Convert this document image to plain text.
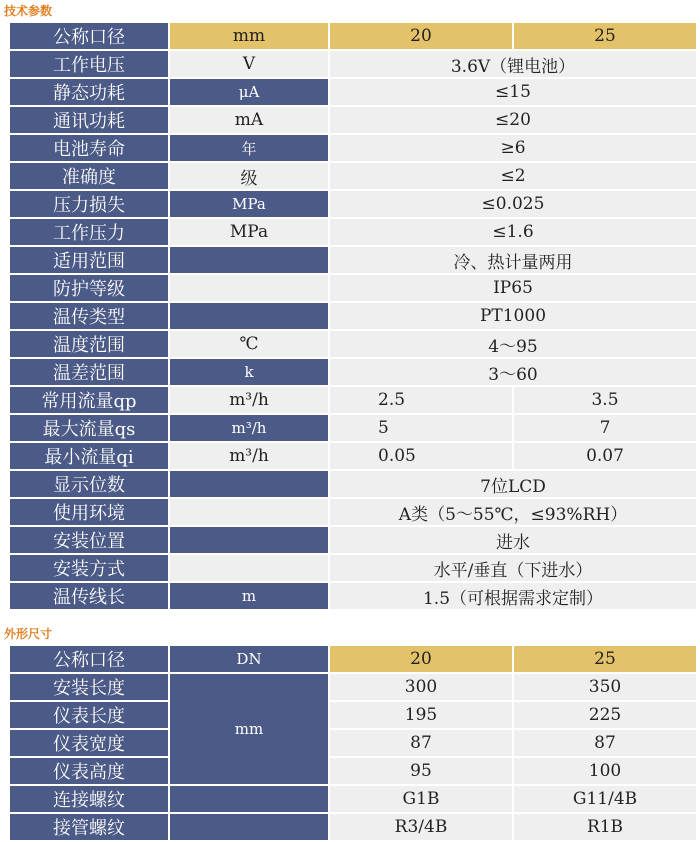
技术参数
公称口径	mm	20	25
工作电压	V	3.6V（锂电池）	
静态功耗	μA	≤15	
通讯功耗	mA	≤20	
电池寿命	年	≥6	
准确度	级	≤2	
压力损失	MPa	≤0.025	
工作压力	MPa	≤1.6	
适用范围		冷、热计量两用	
防护等级		IP65	
温传类型		PT1000	
温度范围	℃	4～95	
温差范围	k	3～60	
常用流量qp	m³/h	2.5	3.5
最大流量qs	m³/h	5	7
最小流量qi	m³/h	0.05	0.07
显示位数		7位LCD	
使用环境		A类（5～55℃，≤93%RH）	
安装位置		进水	
安装方式		水平/垂直（下进水）	
温传线长	m	1.5（可根据需求定制）	
外形尺寸
公称口径	DN	20	25
安装长度	mm	300	350
仪表长度		195	225
仪表宽度		87	87
仪表高度		95	100
连接螺纹		G1B	G11/4B
接管螺纹		R3/4B	R1B
